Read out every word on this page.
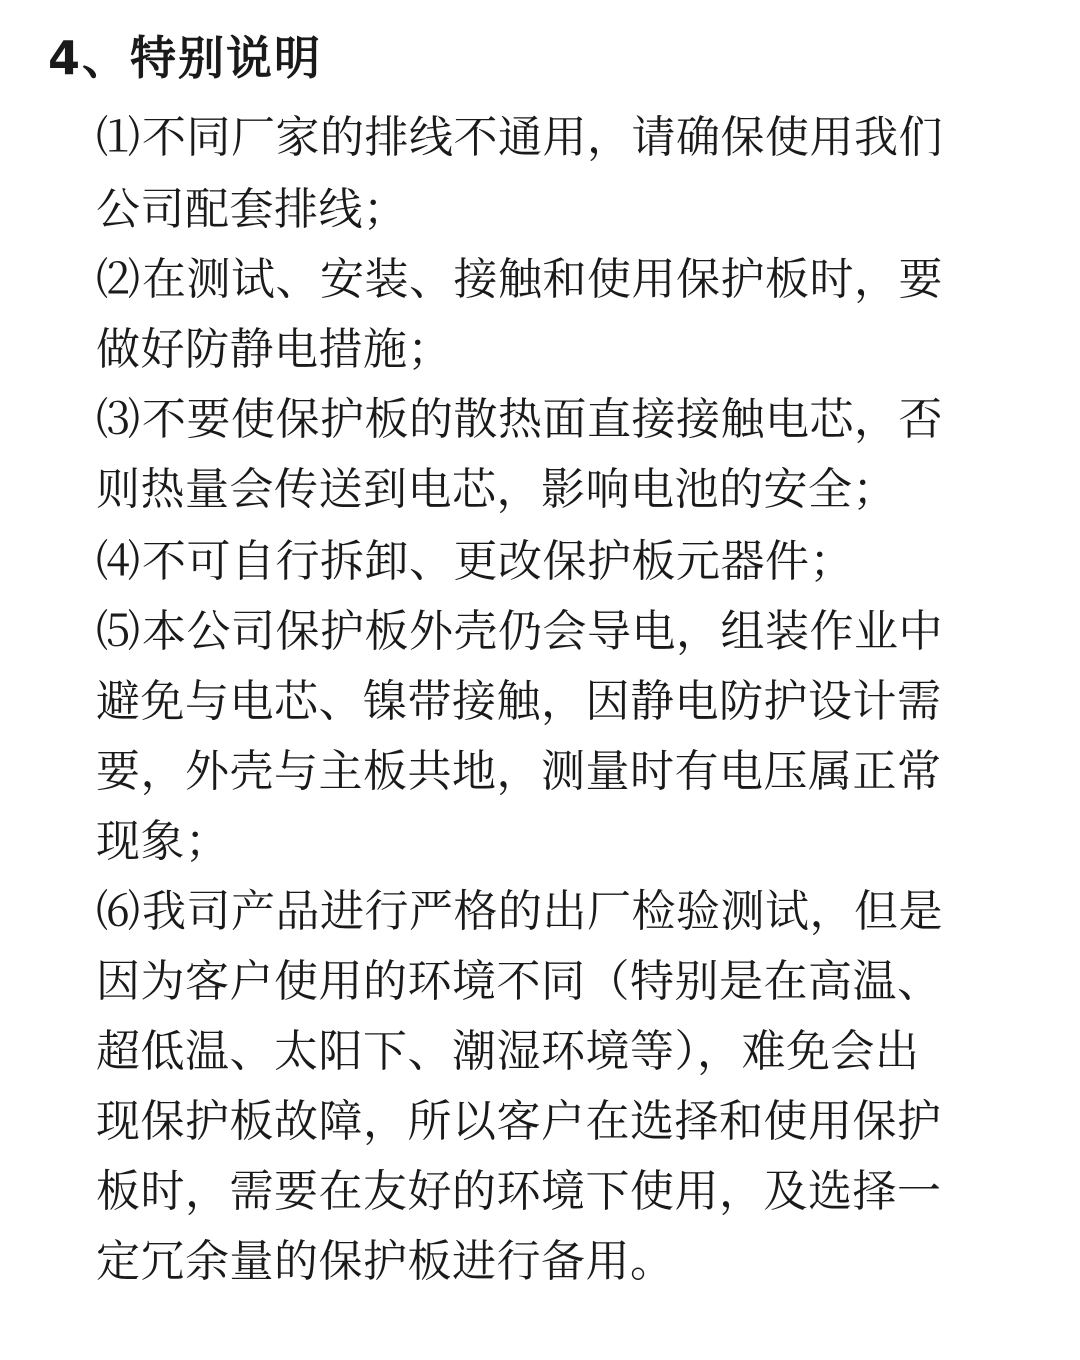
4、特别说明

⑴不同厂家的排线不通用，请确保使用我们

公司配套排线；

⑵在测试、安装、接触和使用保护板时，要

做好防静电措施；

⑶不要使保护板的散热面直接接触电芯，否

则热量会传送到电芯，影响电池的安全；

⑷不可自行拆卸、更改保护板元器件；

⑸本公司保护板外壳仍会导电，组装作业中

避免与电芯、镍带接触，因静电防护设计需

要，外壳与主板共地，测量时有电压属正常

现象；

⑹我司产品进行严格的出厂检验测试，但是

因为客户使用的环境不同（特别是在高温、

超低温、太阳下、潮湿环境等），难免会出

现保护板故障，所以客户在选择和使用保护

板时，需要在友好的环境下使用，及选择一

定冗余量的保护板进行备用。
